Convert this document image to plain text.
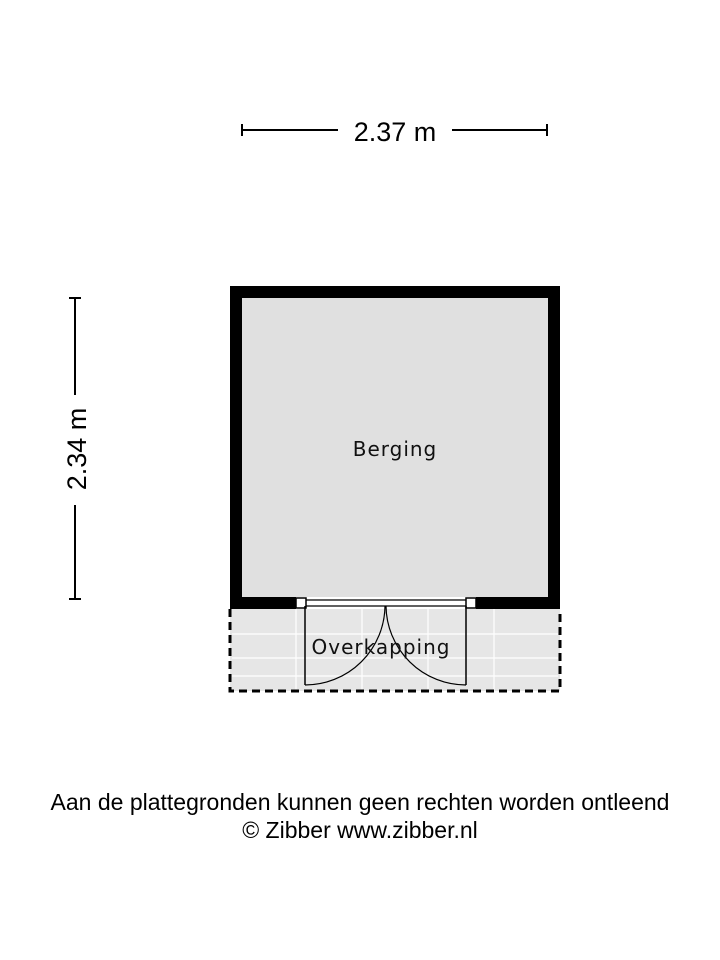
2.37 m
2.34 m	Berging
Overkapping
Aan de plattegronden kunnen geen rechten worden ontleend
© Zibber www.zibber.nl
